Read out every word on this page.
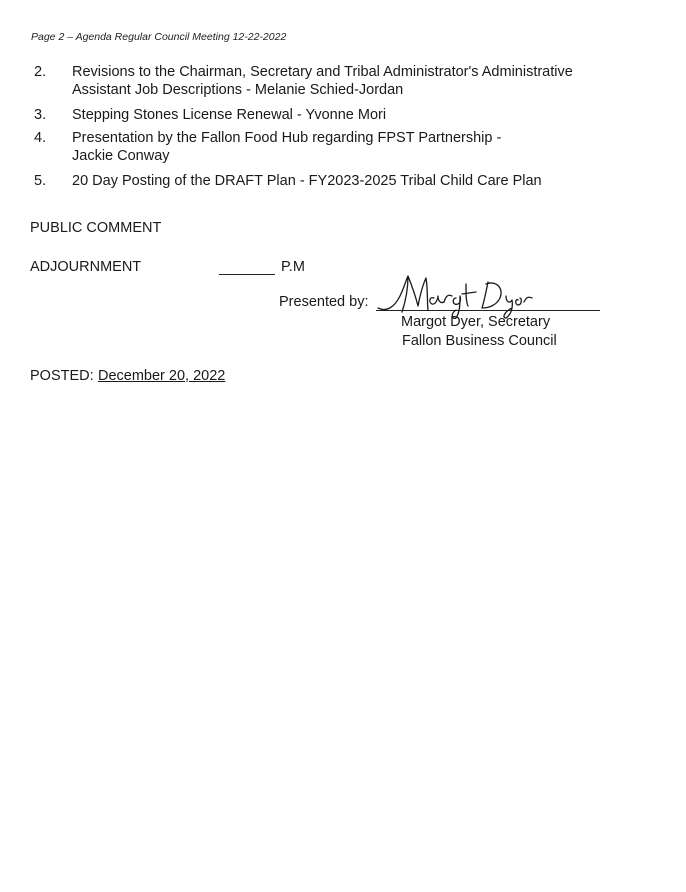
Page 2 – Agenda Regular Council Meeting 12-22-2022
2. Revisions to the Chairman, Secretary and Tribal Administrator's Administrative
Assistant Job Descriptions - Melanie Schied-Jordan
3. Stepping Stones License Renewal - Yvonne Mori
4. Presentation by the Fallon Food Hub regarding FPST Partnership -
Jackie Conway
5. 20 Day Posting of the DRAFT Plan - FY2023-2025 Tribal Child Care Plan
PUBLIC COMMENT
ADJOURNMENT	P.M
Presented by:
Margot Dyer, Secretary
Fallon Business Council
POSTED: December 20, 2022
